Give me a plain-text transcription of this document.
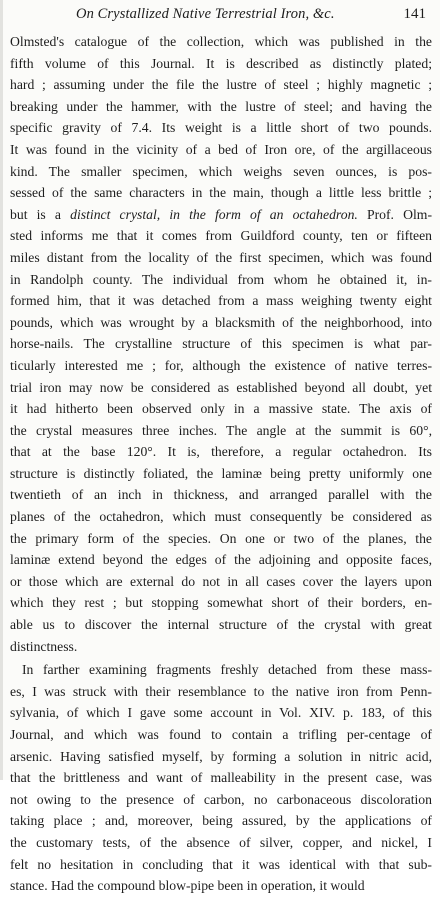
On Crystallized Native Terrestrial Iron, &c.	141
Olmsted's catalogue of the collection, which was published in the
fifth volume of this Journal. It is described as distinctly plated;
hard ; assuming under the file the lustre of steel ; highly magnetic ;
breaking under the hammer, with the lustre of steel; and having the
specific gravity of 7.4. Its weight is a little short of two pounds.
It was found in the vicinity of a bed of Iron ore, of the argillaceous
kind. The smaller specimen, which weighs seven ounces, is pos-
sessed of the same characters in the main, though a little less brittle ;
but is a distinct crystal, in the form of an octahedron. Prof. Olm-
sted informs me that it comes from Guildford county, ten or fifteen
miles distant from the locality of the first specimen, which was found
in Randolph county. The individual from whom he obtained it, in-
formed him, that it was detached from a mass weighing twenty eight
pounds, which was wrought by a blacksmith of the neighborhood, into
horse-nails. The crystalline structure of this specimen is what par-
ticularly interested me ; for, although the existence of native terres-
trial iron may now be considered as established beyond all doubt, yet
it had hitherto been observed only in a massive state. The axis of
the crystal measures three inches. The angle at the summit is 60°,
that at the base 120°. It is, therefore, a regular octahedron. Its
structure is distinctly foliated, the laminæ being pretty uniformly one
twentieth of an inch in thickness, and arranged parallel with the
planes of the octahedron, which must consequently be considered as
the primary form of the species. On one or two of the planes, the
laminæ extend beyond the edges of the adjoining and opposite faces,
or those which are external do not in all cases cover the layers upon
which they rest ; but stopping somewhat short of their borders, en-
able us to discover the internal structure of the crystal with great
distinctness.
In farther examining fragments freshly detached from these mass-
es, I was struck with their resemblance to the native iron from Penn-
sylvania, of which I gave some account in Vol. XIV. p. 183, of this
Journal, and which was found to contain a trifling per-centage of
arsenic. Having satisfied myself, by forming a solution in nitric acid,
that the brittleness and want of malleability in the present case, was
not owing to the presence of carbon, no carbonaceous discoloration
taking place ; and, moreover, being assured, by the applications of
the customary tests, of the absence of silver, copper, and nickel, I
felt no hesitation in concluding that it was identical with that sub-
stance. Had the compound blow-pipe been in operation, it would
